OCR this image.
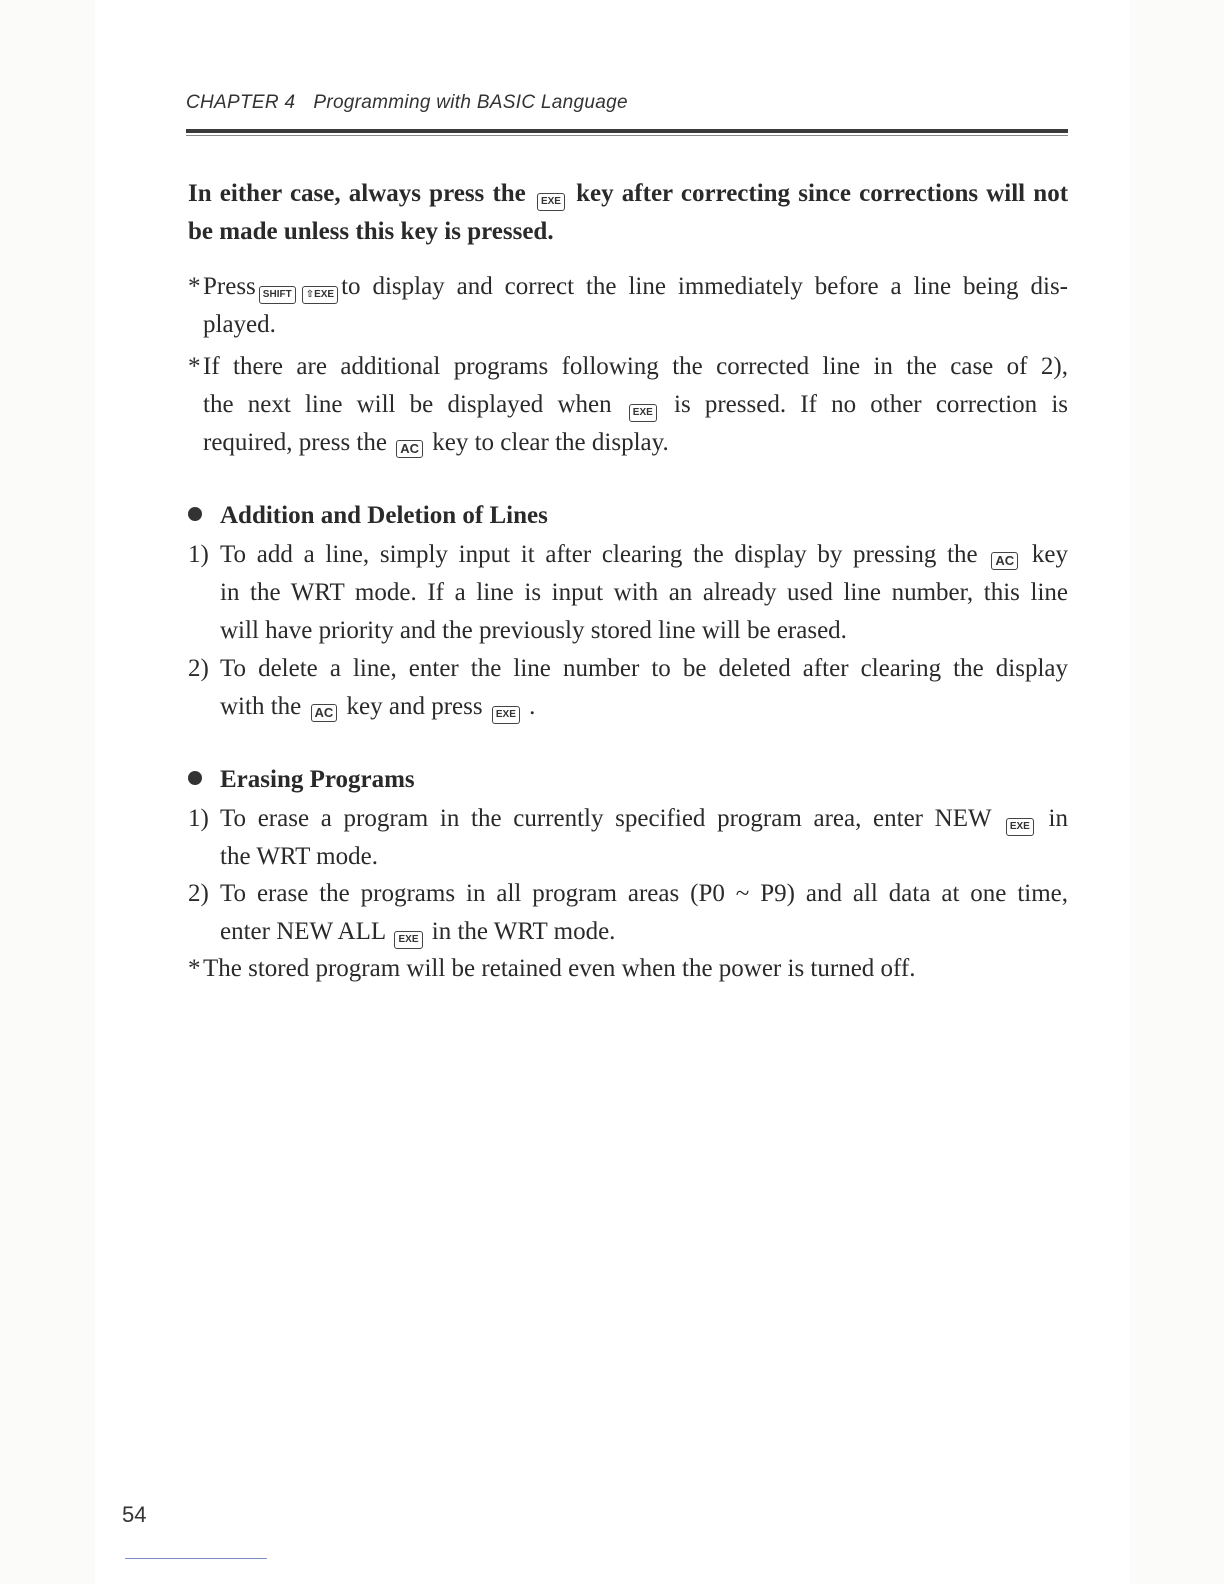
CHAPTER 4 Programming with BASIC Language
In either case, always press the EXE key after correcting since corrections will not
be made unless this key is pressed.
* Press SHIFT ⇧EXE to display and correct the line immediately before a line being dis-
played.
* If there are additional programs following the corrected line in the case of 2),
the next line will be displayed when EXE is pressed. If no other correction is
required, press the AC key to clear the display.
Addition and Deletion of Lines
1) To add a line, simply input it after clearing the display by pressing the AC key
in the WRT mode. If a line is input with an already used line number, this line
will have priority and the previously stored line will be erased.
2) To delete a line, enter the line number to be deleted after clearing the display
with the AC key and press EXE .
Erasing Programs
1) To erase a program in the currently specified program area, enter NEW EXE in
the WRT mode.
2) To erase the programs in all program areas (P0 ~ P9) and all data at one time,
enter NEW ALL EXE in the WRT mode.
* The stored program will be retained even when the power is turned off.
54
